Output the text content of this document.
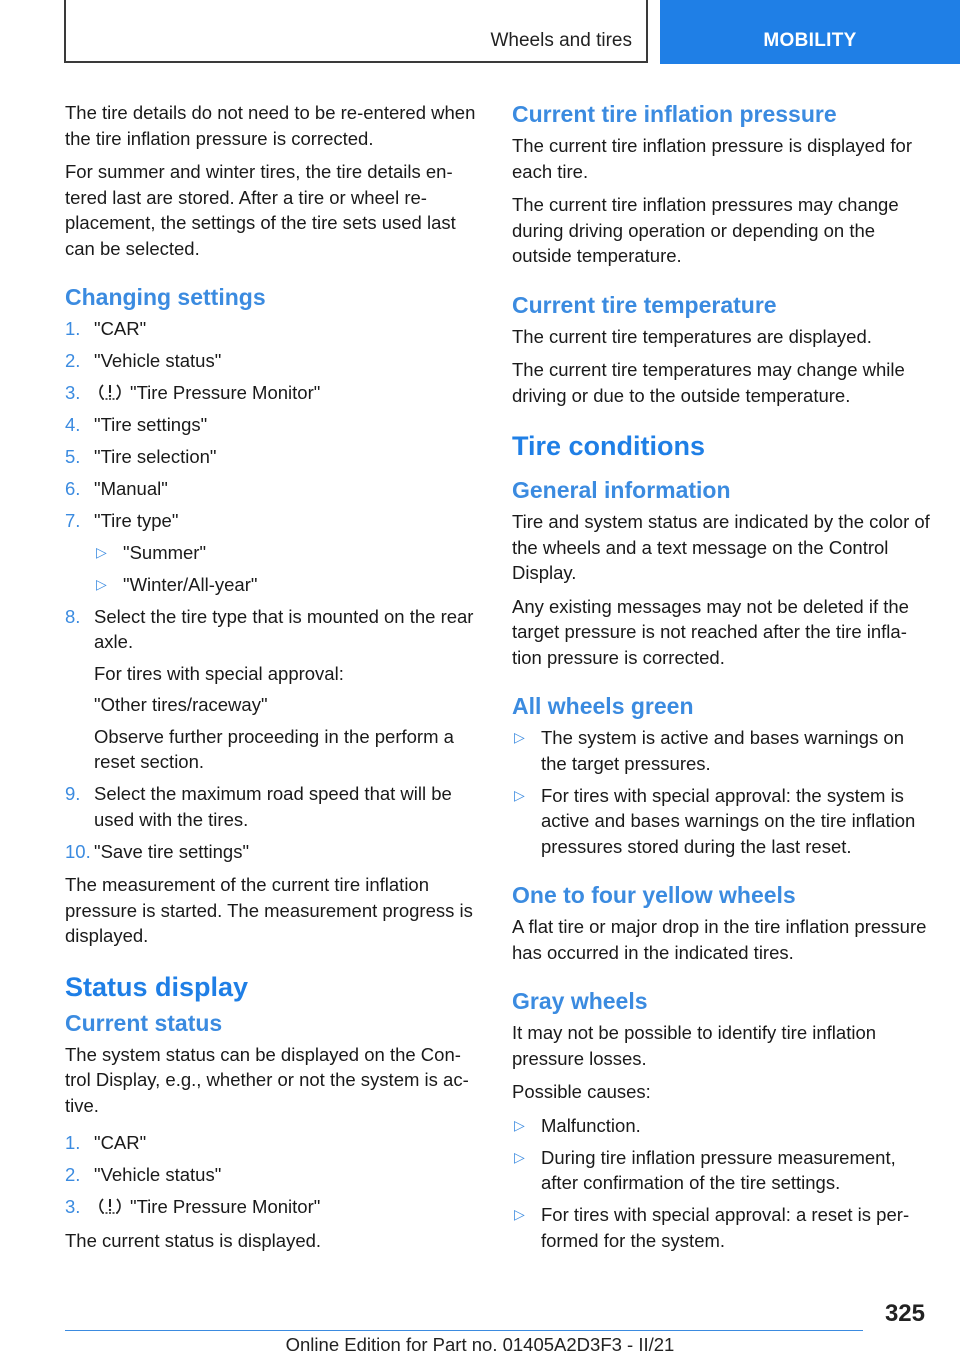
Wheels and tires	MOBILITY

The tire details do not need to be re-entered when the tire inflation pressure is corrected.

For summer and winter tires, the tire details entered last are stored. After a tire or wheel replacement, the settings of the tire sets used last can be selected.

Changing settings
1. "CAR"
2. "Vehicle status"
3.	"Tire Pressure Monitor"
4. "Tire settings"
5. "Tire selection"
6. "Manual"
7. "Tire type"
▷ "Summer"
▷ "Winter/All-year"
8. Select the tire type that is mounted on the rear axle.
For tires with special approval:
"Other tires/raceway"
Observe further proceeding in the perform a reset section.
9. Select the maximum road speed that will be used with the tires.
10. "Save tire settings"

The measurement of the current tire inflation pressure is started. The measurement progress is displayed.

Status display
Current status

The system status can be displayed on the Control Display, e.g., whether or not the system is active.

1. "CAR"
2. "Vehicle status"
3.	"Tire Pressure Monitor"

The current status is displayed.

Current tire inflation pressure

The current tire inflation pressure is displayed for each tire.

The current tire inflation pressures may change during driving operation or depending on the outside temperature.

Current tire temperature

The current tire temperatures are displayed.

The current tire temperatures may change while driving or due to the outside temperature.

Tire conditions
General information

Tire and system status are indicated by the color of the wheels and a text message on the Control Display.

Any existing messages may not be deleted if the target pressure is not reached after the tire inflation pressure is corrected.

All wheels green
▷ The system is active and bases warnings on the target pressures.
▷ For tires with special approval: the system is active and bases warnings on the tire inflation pressures stored during the last reset.
One to four yellow wheels

A flat tire or major drop in the tire inflation pressure has occurred in the indicated tires.

Gray wheels

It may not be possible to identify tire inflation pressure losses.

Possible causes:

▷ Malfunction.
▷ During tire inflation pressure measurement, after confirmation of the tire settings.
▷ For tires with special approval: a reset is performed for the system.
325
Online Edition for Part no. 01405A2D3F3 - II/21
